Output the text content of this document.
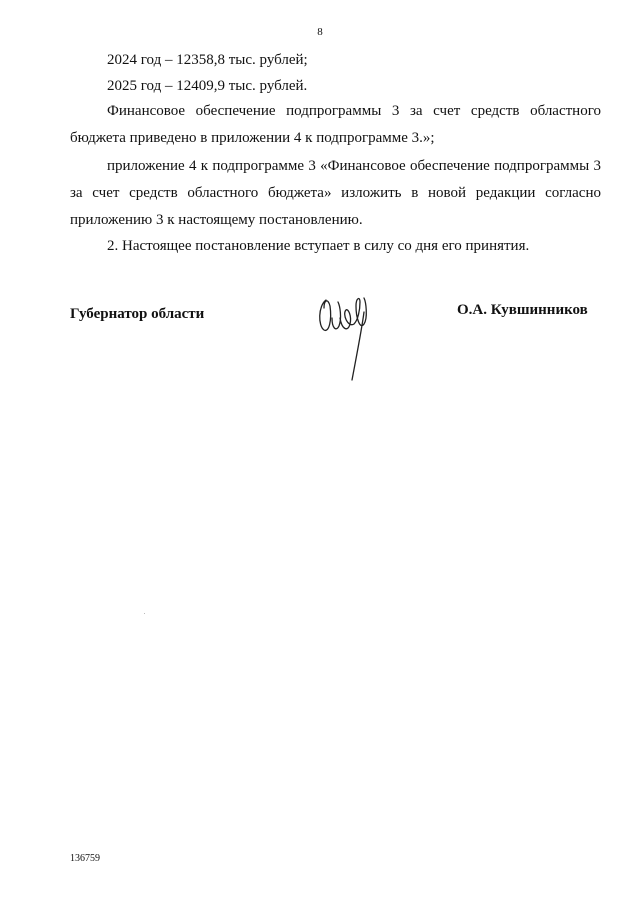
8
2024 год – 12358,8 тыс. рублей;
2025 год – 12409,9 тыс. рублей.
Финансовое обеспечение подпрограммы 3 за счет средств областного бюджета приведено в приложении 4 к подпрограмме 3.»;
приложение 4 к подпрограмме 3 «Финансовое обеспечение подпрограммы 3 за счет средств областного бюджета» изложить в новой редакции согласно приложению 3 к настоящему постановлению.
2. Настоящее постановление вступает в силу со дня его принятия.
Губернатор области	О.А. Кувшинников
136759
